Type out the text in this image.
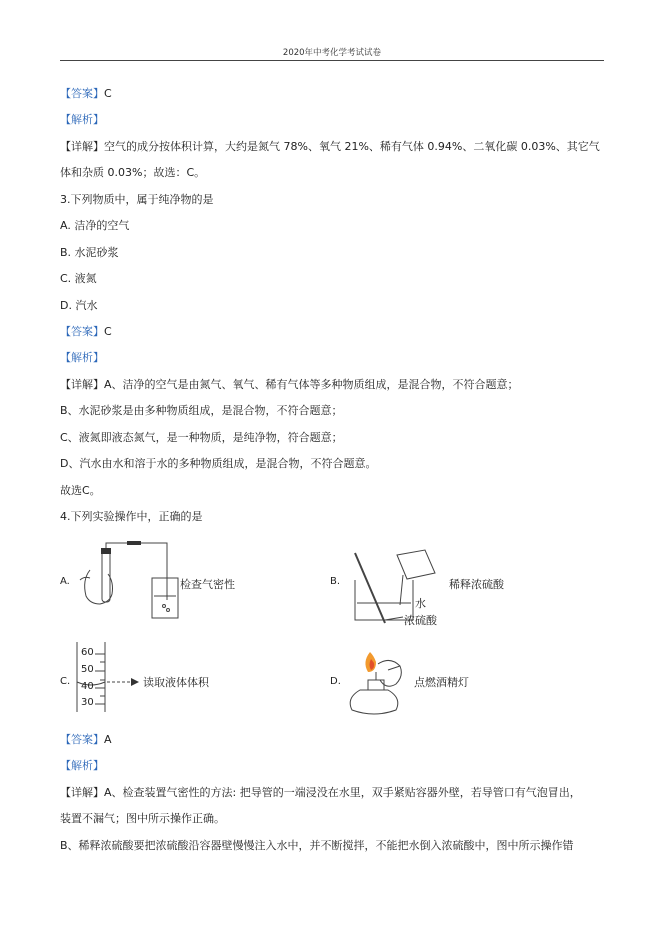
2020年中考化学考试试卷
【答案】C
【解析】
【详解】空气的成分按体积计算，大约是氮气 78%、氧气 21%、稀有气体 0.94%、二氧化碳 0.03%、其它气
体和杂质 0.03%；故选：C。
3.下列物质中，属于纯净物的是
A. 洁净的空气
B. 水泥砂浆
C. 液氮
D. 汽水
【答案】C
【解析】
【详解】A、洁净的空气是由氮气、氧气、稀有气体等多种物质组成，是混合物，不符合题意；
B、水泥砂浆是由多种物质组成，是混合物，不符合题意；
C、液氮即液态氮气，是一种物质，是纯净物，符合题意；
D、汽水由水和溶于水的多种物质组成，是混合物，不符合题意。
故选C。
4.下列实验操作中，正确的是
A.	检查气密性	B.	稀释浓硫酸
水
浓硫酸
C.
60
50
40
30
读取液体体积	D.	点燃酒精灯
【答案】A
【解析】
【详解】A、检查装置气密性的方法: 把导管的一端浸没在水里，双手紧贴容器外壁，若导管口有气泡冒出，
装置不漏气；图中所示操作正确。
B、稀释浓硫酸要把浓硫酸沿容器壁慢慢注入水中，并不断搅拌，不能把水倒入浓硫酸中，图中所示操作错
